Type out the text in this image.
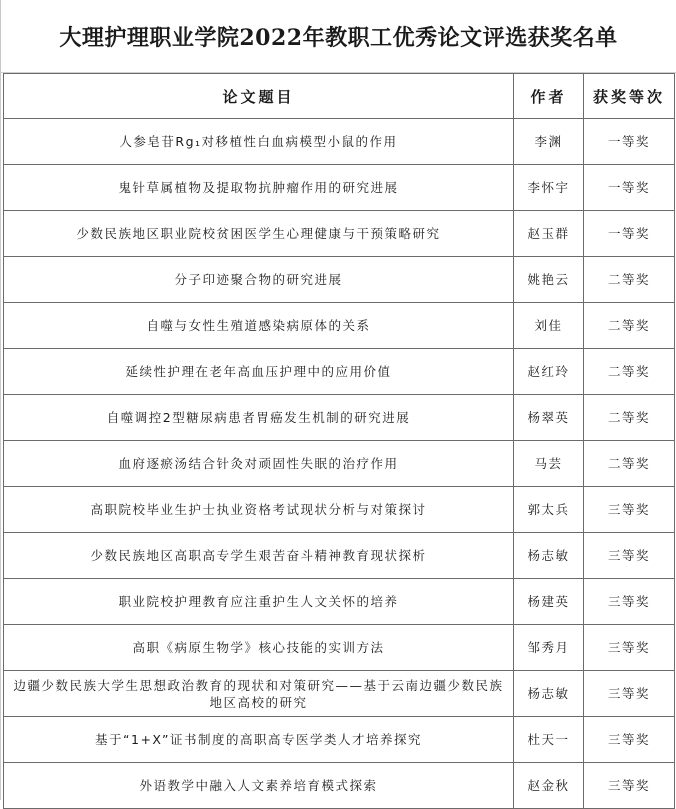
大理护理职业学院2022年教职工优秀论文评选获奖名单
论文题目	作者	获奖等次
人参皂苷Rg₁对移植性白血病模型小鼠的作用	李渊	一等奖
鬼针草属植物及提取物抗肿瘤作用的研究进展	李怀宇	一等奖
少数民族地区职业院校贫困医学生心理健康与干预策略研究	赵玉群	一等奖
分子印迹聚合物的研究进展	姚艳云	二等奖
自噬与女性生殖道感染病原体的关系	刘佳	二等奖
延续性护理在老年高血压护理中的应用价值	赵红玲	二等奖
自噬调控2型糖尿病患者胃癌发生机制的研究进展	杨翠英	二等奖
血府逐瘀汤结合针灸对顽固性失眠的治疗作用	马芸	二等奖
高职院校毕业生护士执业资格考试现状分析与对策探讨	郭太兵	三等奖
少数民族地区高职高专学生艰苦奋斗精神教育现状探析	杨志敏	三等奖
职业院校护理教育应注重护生人文关怀的培养	杨建英	三等奖
高职《病原生物学》核心技能的实训方法	邹秀月	三等奖
边疆少数民族大学生思想政治教育的现状和对策研究——基于云南边疆少数民族地区高校的研究	杨志敏	三等奖
基于“1+X”证书制度的高职高专医学类人才培养探究	杜天一	三等奖
外语教学中融入人文素养培育模式探索	赵金秋	三等奖
